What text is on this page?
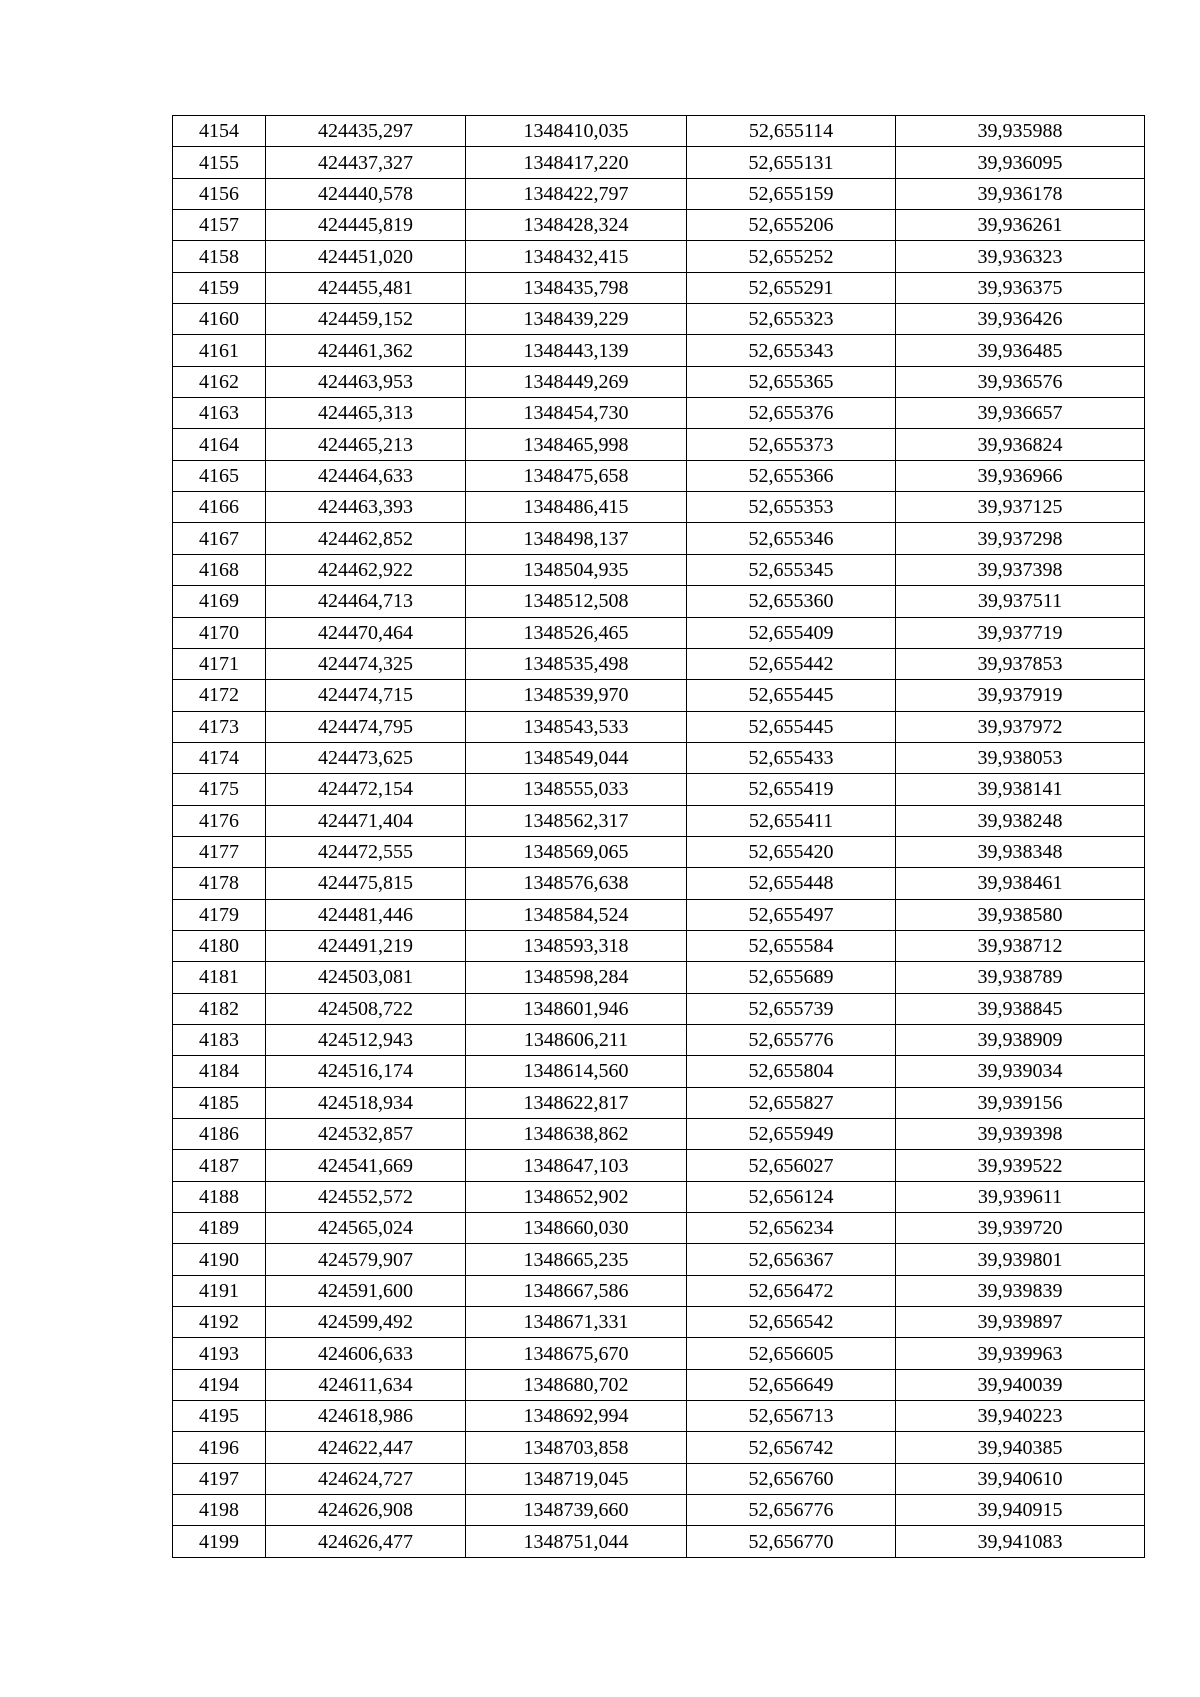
4154	424435,297	1348410,035	52,655114	39,935988
4155	424437,327	1348417,220	52,655131	39,936095
4156	424440,578	1348422,797	52,655159	39,936178
4157	424445,819	1348428,324	52,655206	39,936261
4158	424451,020	1348432,415	52,655252	39,936323
4159	424455,481	1348435,798	52,655291	39,936375
4160	424459,152	1348439,229	52,655323	39,936426
4161	424461,362	1348443,139	52,655343	39,936485
4162	424463,953	1348449,269	52,655365	39,936576
4163	424465,313	1348454,730	52,655376	39,936657
4164	424465,213	1348465,998	52,655373	39,936824
4165	424464,633	1348475,658	52,655366	39,936966
4166	424463,393	1348486,415	52,655353	39,937125
4167	424462,852	1348498,137	52,655346	39,937298
4168	424462,922	1348504,935	52,655345	39,937398
4169	424464,713	1348512,508	52,655360	39,937511
4170	424470,464	1348526,465	52,655409	39,937719
4171	424474,325	1348535,498	52,655442	39,937853
4172	424474,715	1348539,970	52,655445	39,937919
4173	424474,795	1348543,533	52,655445	39,937972
4174	424473,625	1348549,044	52,655433	39,938053
4175	424472,154	1348555,033	52,655419	39,938141
4176	424471,404	1348562,317	52,655411	39,938248
4177	424472,555	1348569,065	52,655420	39,938348
4178	424475,815	1348576,638	52,655448	39,938461
4179	424481,446	1348584,524	52,655497	39,938580
4180	424491,219	1348593,318	52,655584	39,938712
4181	424503,081	1348598,284	52,655689	39,938789
4182	424508,722	1348601,946	52,655739	39,938845
4183	424512,943	1348606,211	52,655776	39,938909
4184	424516,174	1348614,560	52,655804	39,939034
4185	424518,934	1348622,817	52,655827	39,939156
4186	424532,857	1348638,862	52,655949	39,939398
4187	424541,669	1348647,103	52,656027	39,939522
4188	424552,572	1348652,902	52,656124	39,939611
4189	424565,024	1348660,030	52,656234	39,939720
4190	424579,907	1348665,235	52,656367	39,939801
4191	424591,600	1348667,586	52,656472	39,939839
4192	424599,492	1348671,331	52,656542	39,939897
4193	424606,633	1348675,670	52,656605	39,939963
4194	424611,634	1348680,702	52,656649	39,940039
4195	424618,986	1348692,994	52,656713	39,940223
4196	424622,447	1348703,858	52,656742	39,940385
4197	424624,727	1348719,045	52,656760	39,940610
4198	424626,908	1348739,660	52,656776	39,940915
4199	424626,477	1348751,044	52,656770	39,941083
